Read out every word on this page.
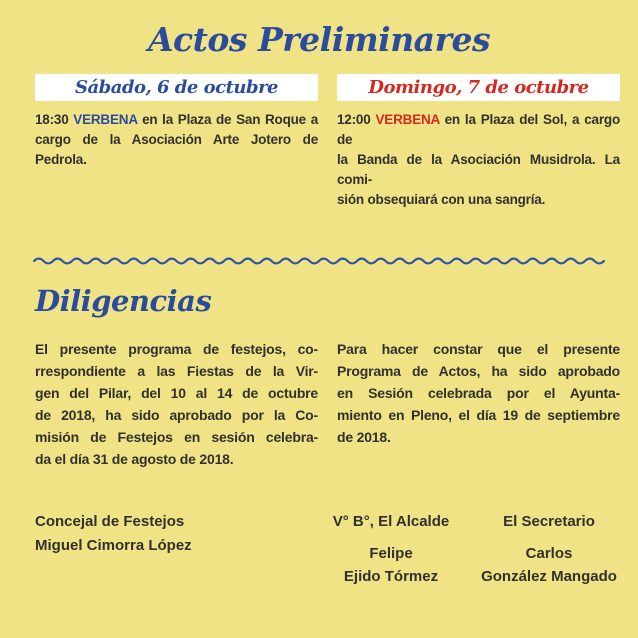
Actos Preliminares
Sábado, 6 de octubre	Domingo, 7 de octubre
18:30 VERBENA en la Plaza de San Roque a
cargo de la Asociación Arte Jotero de Pedrola.
12:00 VERBENA en la Plaza del Sol, a cargo de
la Banda de la Asociación Musidrola. La comi-
sión obsequiará con una sangría.
Diligencias
El presente programa de festejos, co-
rrespondiente a las Fiestas de la Vir-
gen del Pilar, del 10 al 14 de octubre
de 2018, ha sido aprobado por la Co-
misión de Festejos en sesión celebra-
da el día 31 de agosto de 2018.
Para hacer constar que el presente
Programa de Actos, ha sido aprobado
en Sesión celebrada por el Ayunta-
miento en Pleno, el día 19 de septiembre
de 2018.
Concejal de Festejos
Miguel Cimorra López
V° B°, El Alcalde
Felipe
Ejido Tórmez
El Secretario
Carlos
González Mangado
